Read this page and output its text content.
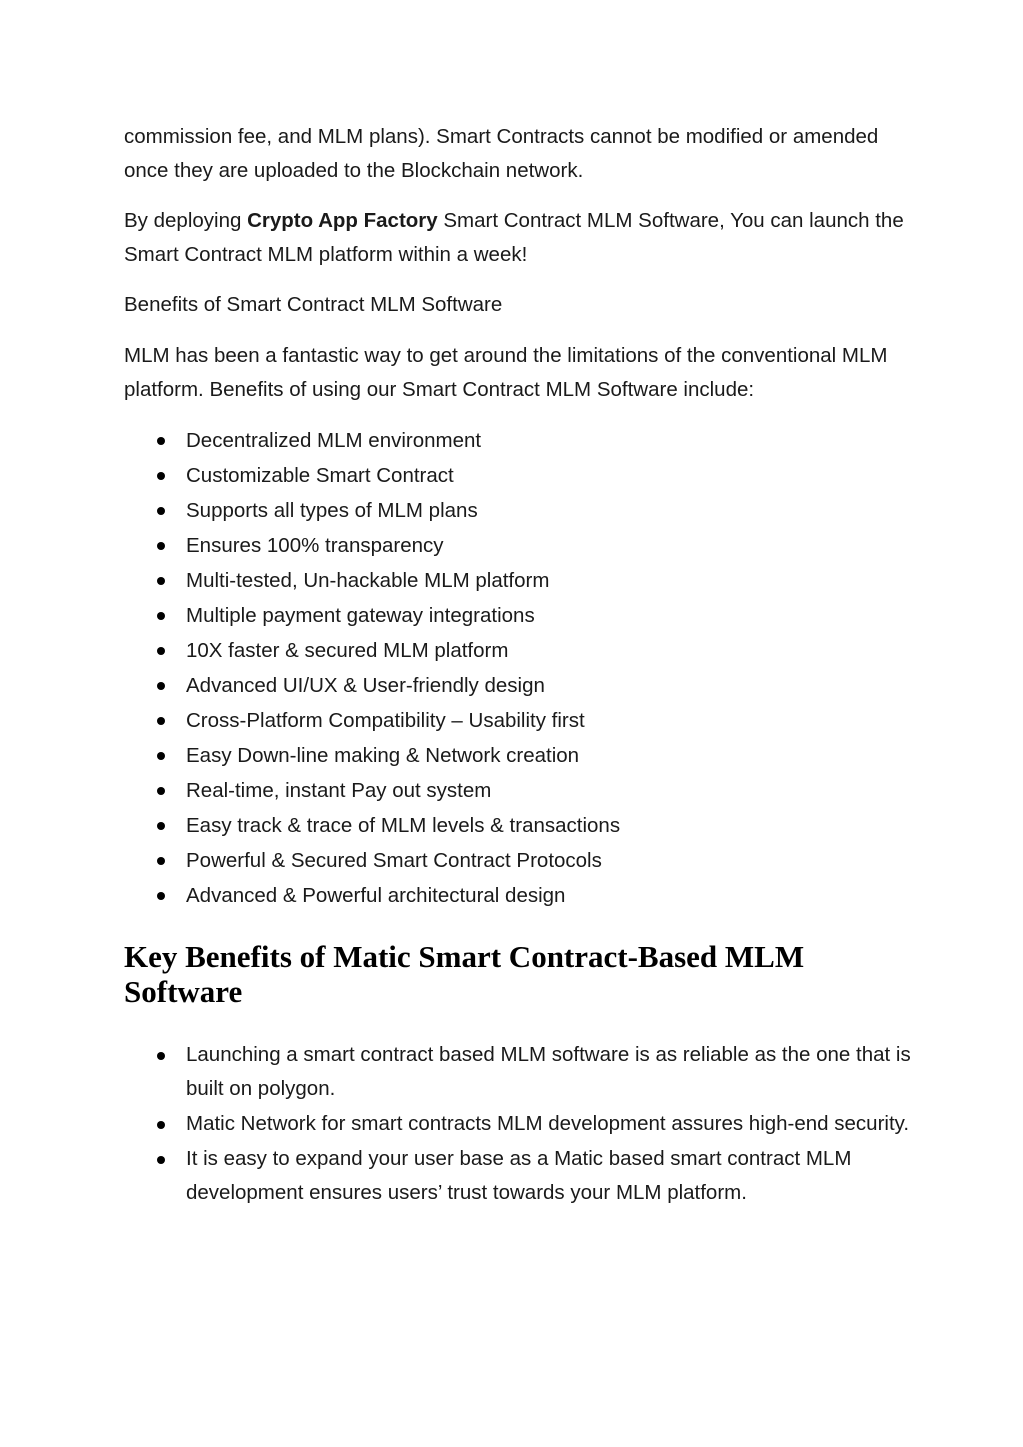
commission fee, and MLM plans). Smart Contracts cannot be modified or amended once they are uploaded to the Blockchain network.

By deploying Crypto App Factory Smart Contract MLM Software, You can launch the Smart Contract MLM platform within a week!

Benefits of Smart Contract MLM Software

MLM has been a fantastic way to get around the limitations of the conventional MLM platform. Benefits of using our Smart Contract MLM Software include:

Decentralized MLM environment
Customizable Smart Contract
Supports all types of MLM plans
Ensures 100% transparency
Multi-tested, Un-hackable MLM platform
Multiple payment gateway integrations
10X faster & secured MLM platform
Advanced UI/UX & User-friendly design
Cross-Platform Compatibility – Usability first
Easy Down-line making & Network creation
Real-time, instant Pay out system
Easy track & trace of MLM levels & transactions
Powerful & Secured Smart Contract Protocols
Advanced & Powerful architectural design
Key Benefits of Matic Smart Contract-Based MLM Software
Launching a smart contract based MLM software is as reliable as the one that is built on polygon.
Matic Network for smart contracts MLM development assures high-end security.
It is easy to expand your user base as a Matic based smart contract MLM development ensures users’ trust towards your MLM platform.
